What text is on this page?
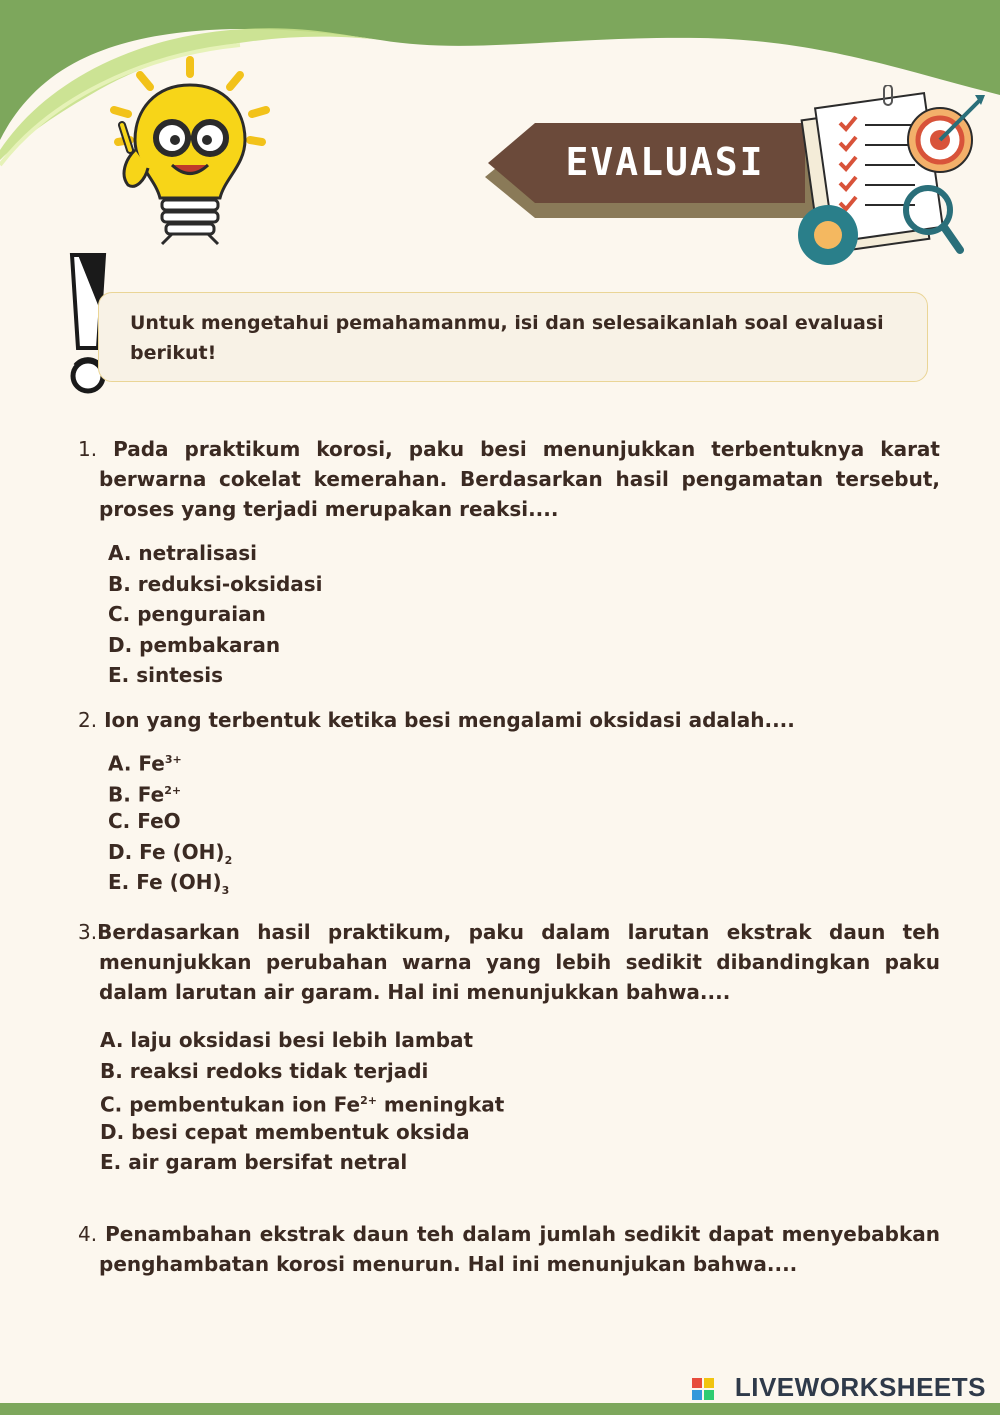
EVALUASI
Untuk mengetahui pemahamanmu, isi dan selesaikanlah soal evaluasi berikut!
1. Pada praktikum korosi, paku besi menunjukkan terbentuknya karat
berwarna cokelat kemerahan. Berdasarkan hasil pengamatan tersebut,
proses yang terjadi merupakan reaksi....
A. netralisasi
B. reduksi-oksidasi
C. penguraian
D. pembakaran
E. sintesis
2. Ion yang terbentuk ketika besi mengalami oksidasi adalah....
A. $Fe^{3+}$
B. $Fe^{2+}$
C. FeO
D. Fe $(OH)_2$
E. Fe $(OH)_3$
3.Berdasarkan hasil praktikum, paku dalam larutan ekstrak daun teh
menunjukkan perubahan warna yang lebih sedikit dibandingkan paku
dalam larutan air garam. Hal ini menunjukkan bahwa....
A. laju oksidasi besi lebih lambat
B. reaksi redoks tidak terjadi
C. pembentukan ion $Fe^{2+}$ meningkat
D. besi cepat membentuk oksida
E. air garam bersifat netral
4. Penambahan ekstrak daun teh dalam jumlah sedikit dapat menyebabkan
penghambatan korosi menurun. Hal ini menunjukan bahwa....
LIVEWORKSHEETS
